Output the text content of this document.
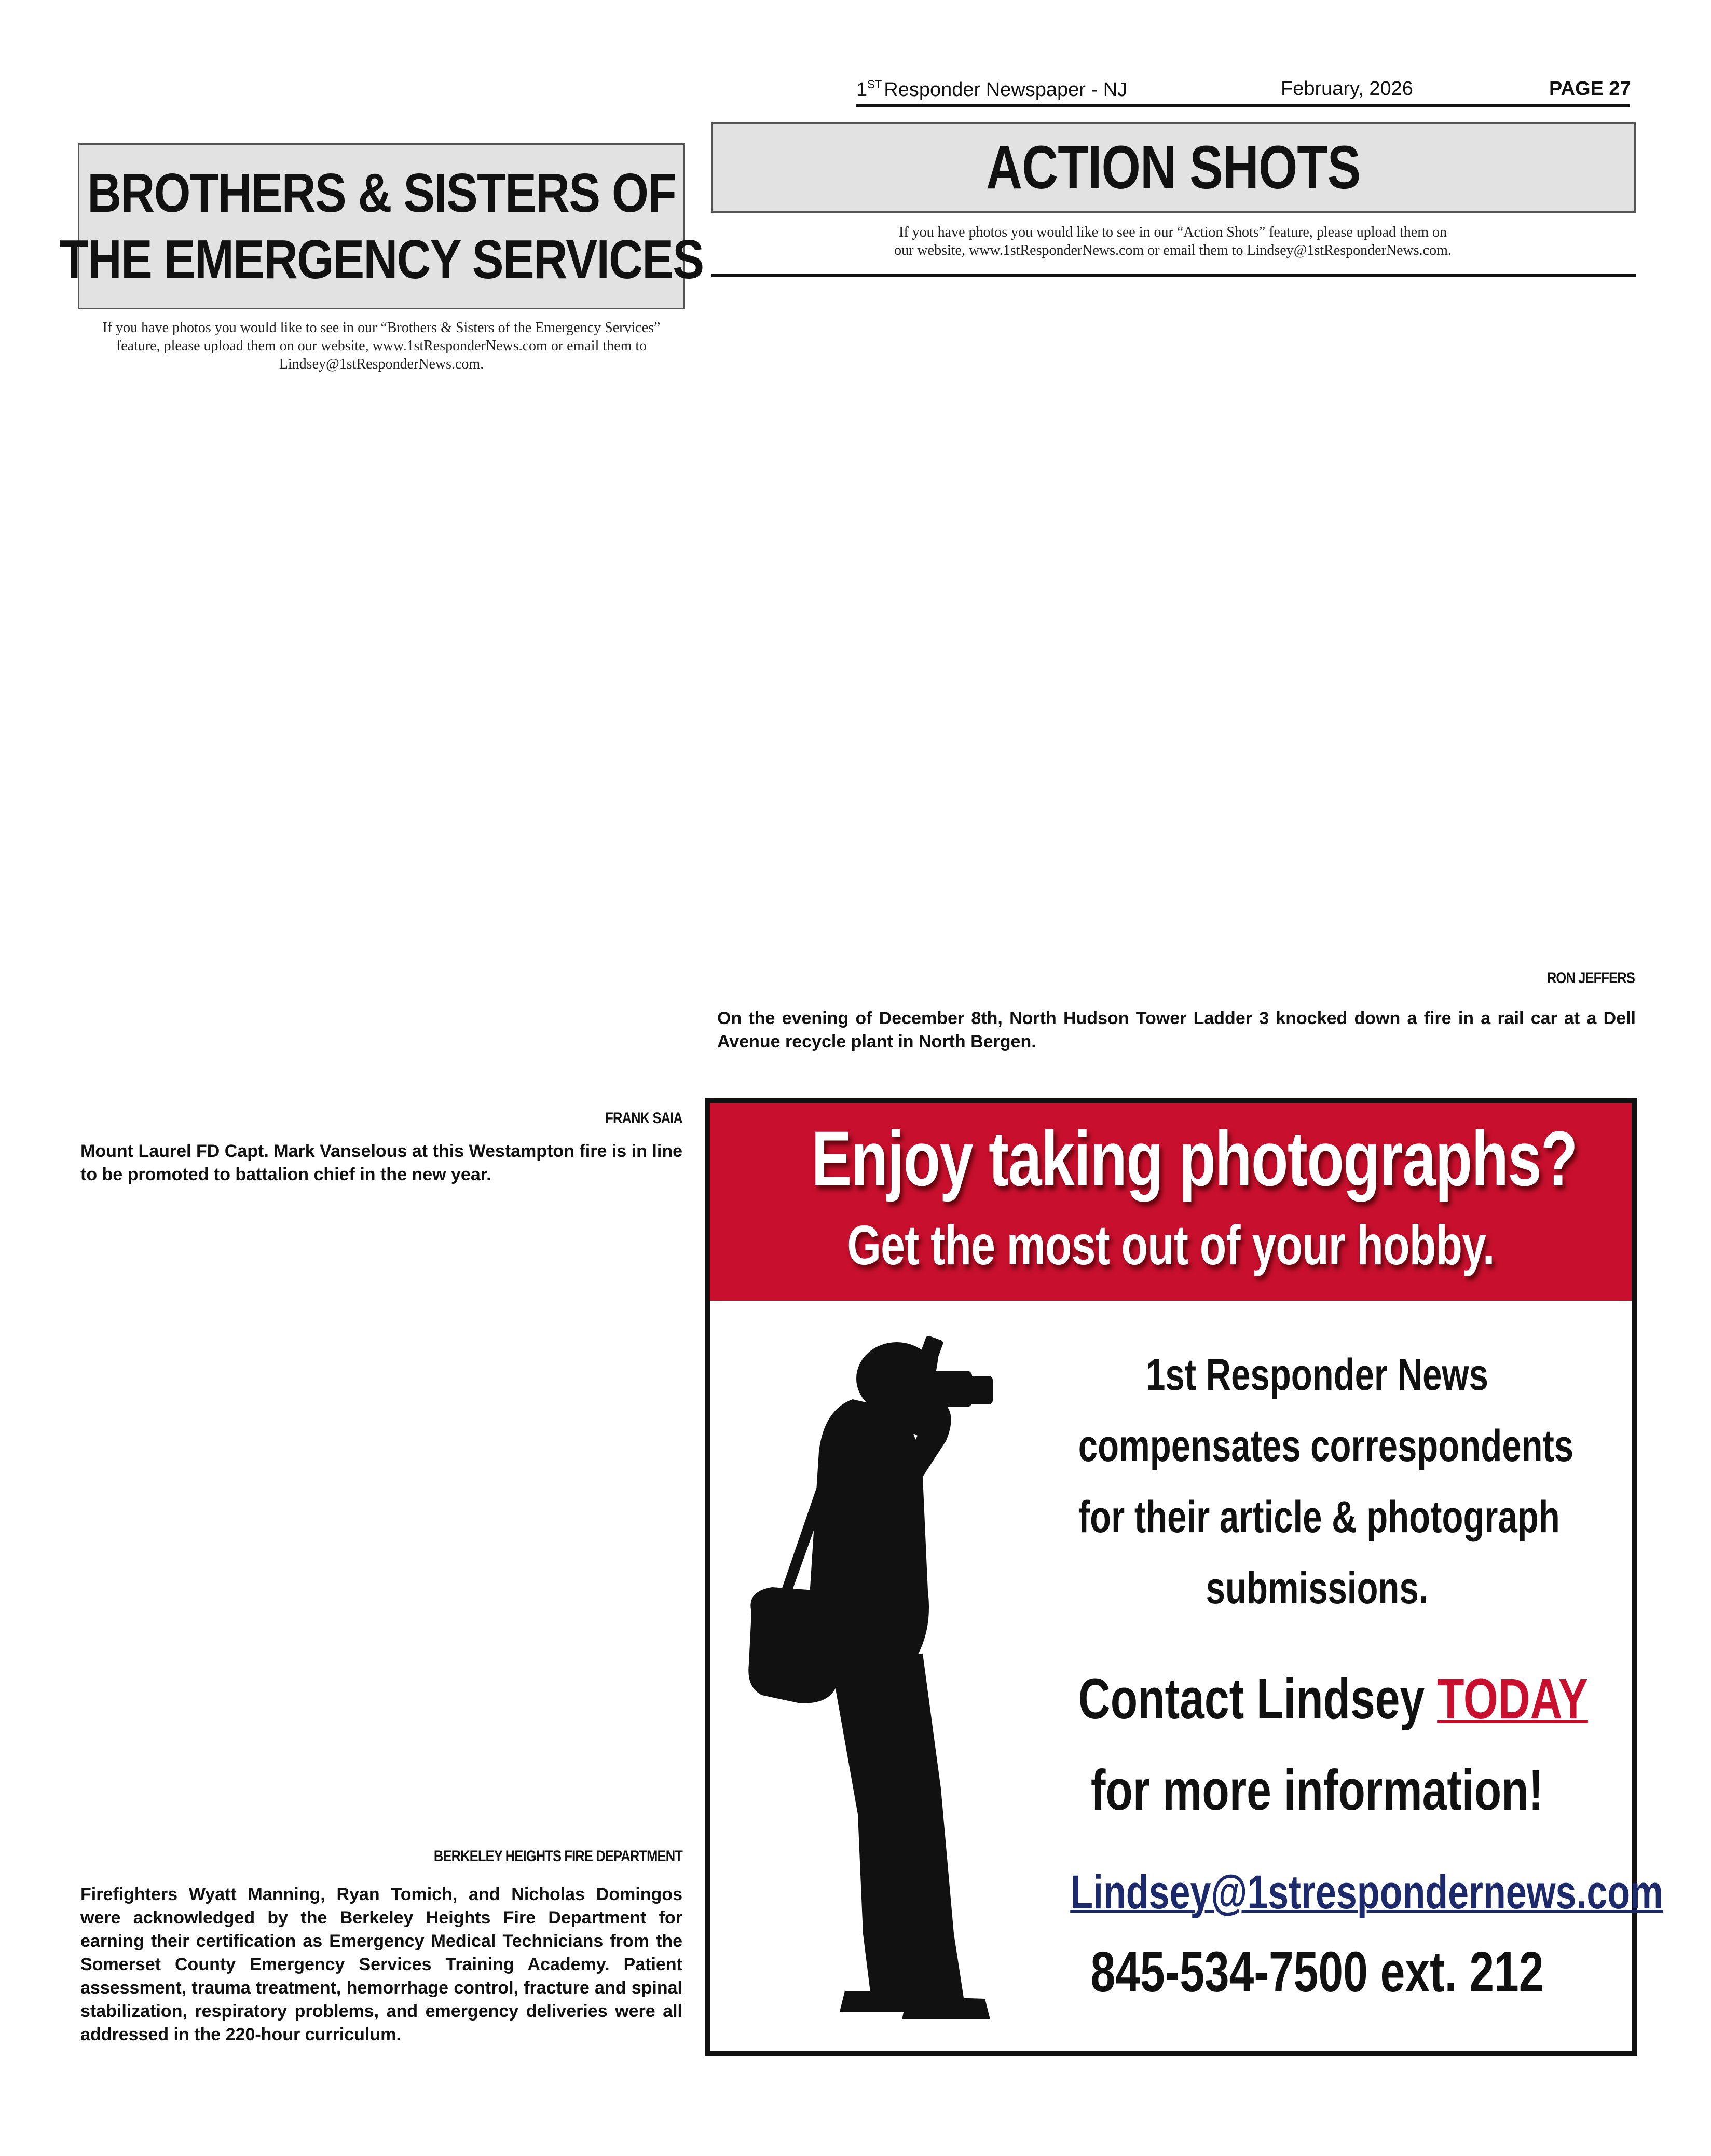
1ST Responder Newspaper - NJ	February, 2026	PAGE 27
BROTHERS & SISTERS OF
THE EMERGENCY SERVICES
If you have photos you would like to see in our “Brothers & Sisters of the Emergency Services”
feature, please upload them on our website, www.1stResponderNews.com or email them to
Lindsey@1stResponderNews.com.
ACTION SHOTS
If you have photos you would like to see in our “Action Shots” feature, please upload them on
our website, www.1stResponderNews.com or email them to Lindsey@1stResponderNews.com.
RON JEFFERS
On the evening of December 8th, North Hudson Tower Ladder 3 knocked down a fire in a rail car at a Dell Avenue recycle plant in North Bergen.
FRANK SAIA
Mount Laurel FD Capt. Mark Vanselous at this Westampton fire is in line to be promoted to battalion chief in the new year.
BERKELEY HEIGHTS FIRE DEPARTMENT
Firefighters Wyatt Manning, Ryan Tomich, and Nicholas Domingos were acknowledged by the Berkeley Heights Fire Department for earning their certification as Emergency Medical Technicians from the Somerset County Emergency Services Training Academy. Patient assessment, trauma treatment, hemorrhage control, fracture and spinal stabilization, respiratory problems, and emergency deliveries were all addressed in the 220-hour curriculum.
Enjoy taking photographs?
Get the most out of your hobby.
1st Responder News
compensates correspondents
for their article & photograph
submissions.
Contact Lindsey TODAY
for more information!
Lindsey@1strespondernews.com
845-534-7500 ext. 212
